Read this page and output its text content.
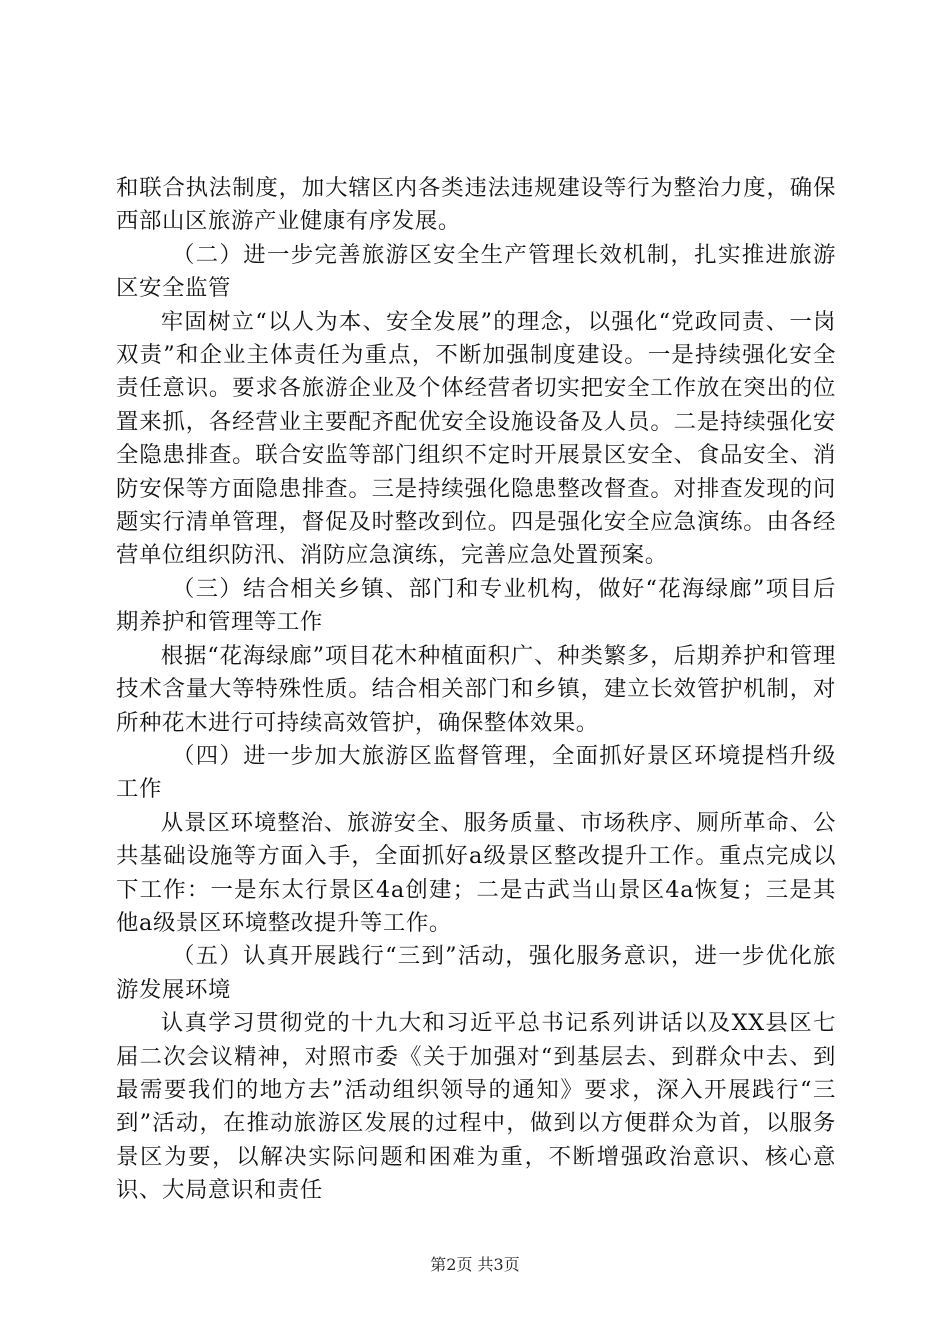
和联合执法制度，加大辖区内各类违法违规建设等行为整治力度，确保西部山区旅游产业健康有序发展。

（二）进一步完善旅游区安全生产管理长效机制，扎实推进旅游区安全监管

牢固树立“以人为本、安全发展”的理念，以强化“党政同责、一岗双责”和企业主体责任为重点，不断加强制度建设。一是持续强化安全责任意识。要求各旅游企业及个体经营者切实把安全工作放在突出的位置来抓，各经营业主要配齐配优安全设施设备及人员。二是持续强化安全隐患排查。联合安监等部门组织不定时开展景区安全、食品安全、消防安保等方面隐患排查。三是持续强化隐患整改督查。对排查发现的问题实行清单管理，督促及时整改到位。四是强化安全应急演练。由各经营单位组织防汛、消防应急演练，完善应急处置预案。

（三）结合相关乡镇、部门和专业机构，做好“花海绿廊”项目后期养护和管理等工作

根据“花海绿廊”项目花木种植面积广、种类繁多，后期养护和管理技术含量大等特殊性质。结合相关部门和乡镇，建立长效管护机制，对所种花木进行可持续高效管护，确保整体效果。

（四）进一步加大旅游区监督管理，全面抓好景区环境提档升级工作

从景区环境整治、旅游安全、服务质量、市场秩序、厕所革命、公共基础设施等方面入手，全面抓好a级景区整改提升工作。重点完成以下工作：一是东太行景区4a创建；二是古武当山景区4a恢复；三是其他a级景区环境整改提升等工作。

（五）认真开展践行“三到”活动，强化服务意识，进一步优化旅游发展环境

认真学习贯彻党的十九大和习近平总书记系列讲话以及XX县区七届二次会议精神，对照市委《关于加强对“到基层去、到群众中去、到最需要我们的地方去”活动组织领导的通知》要求，深入开展践行“三到”活动，在推动旅游区发展的过程中，做到以方便群众为首，以服务景区为要，以解决实际问题和困难为重，不断增强政治意识、核心意识、大局意识和责任

第2页 共3页
